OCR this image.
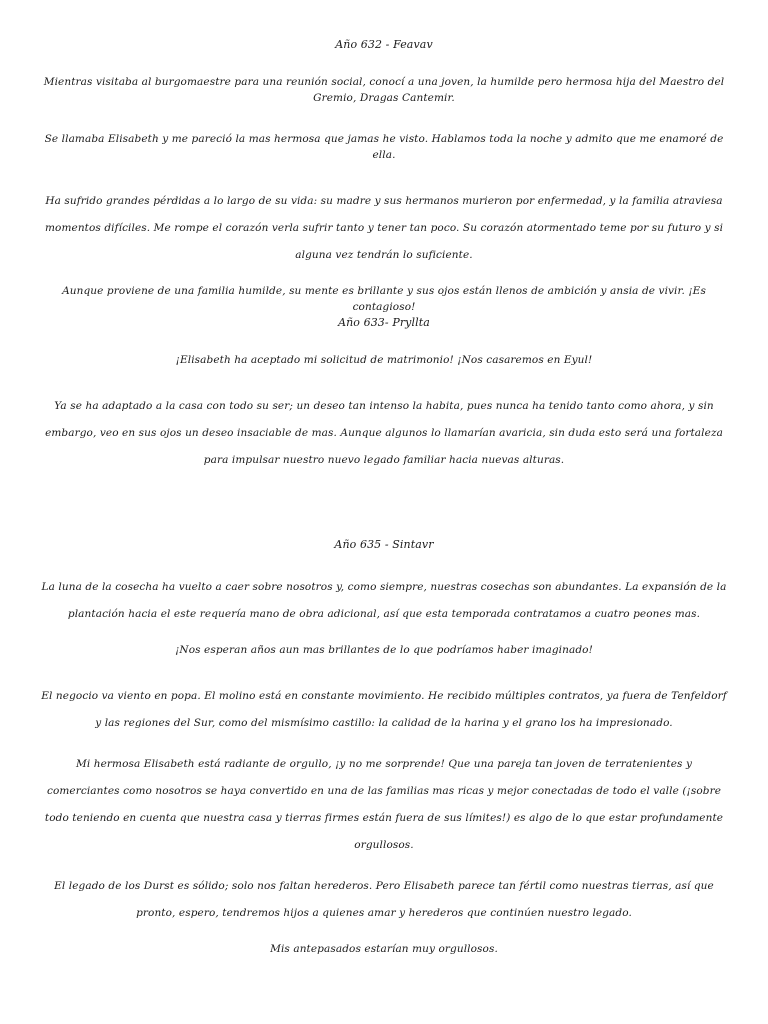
Año 632 - Feavav
Mientras visitaba al burgomaestre para una reunión social, conocí a una joven, la humilde pero hermosa hija del Maestro del Gremio, Dragas Cantemir.
Se llamaba Elisabeth y me pareció la mas hermosa que jamas he visto. Hablamos toda la noche y admito que me enamoré de ella.
Ha sufrido grandes pérdidas a lo largo de su vida: su madre y sus hermanos murieron por enfermedad, y la familia atraviesa momentos difíciles. Me rompe el corazón verla sufrir tanto y tener tan poco. Su corazón atormentado teme por su futuro y si alguna vez tendrán lo suficiente.
Aunque proviene de una familia humilde, su mente es brillante y sus ojos están llenos de ambición y ansia de vivir. ¡Es contagioso!
Año 633- Pryllta
¡Elisabeth ha aceptado mi solicitud de matrimonio! ¡Nos casaremos en Eyul!
Ya se ha adaptado a la casa con todo su ser; un deseo tan intenso la habita, pues nunca ha tenido tanto como ahora, y sin embargo, veo en sus ojos un deseo insaciable de mas. Aunque algunos lo llamarían avaricia, sin duda esto será una fortaleza para impulsar nuestro nuevo legado familiar hacia nuevas alturas.
Año 635 - Sintavr
La luna de la cosecha ha vuelto a caer sobre nosotros y, como siempre, nuestras cosechas son abundantes. La expansión de la plantación hacia el este requería mano de obra adicional, así que esta temporada contratamos a cuatro peones mas.
¡Nos esperan años aun mas brillantes de lo que podríamos haber imaginado!
El negocio va viento en popa. El molino está en constante movimiento. He recibido múltiples contratos, ya fuera de Tenfeldorf y las regiones del Sur, como del mismísimo castillo: la calidad de la harina y el grano los ha impresionado.
Mi hermosa Elisabeth está radiante de orgullo, ¡y no me sorprende! Que una pareja tan joven de terratenientes y comerciantes como nosotros se haya convertido en una de las familias mas ricas y mejor conectadas de todo el valle (¡sobre todo teniendo en cuenta que nuestra casa y tierras firmes están fuera de sus límites!) es algo de lo que estar profundamente orgullosos.
El legado de los Durst es sólido; solo nos faltan herederos. Pero Elisabeth parece tan fértil como nuestras tierras, así que pronto, espero, tendremos hijos a quienes amar y herederos que continúen nuestro legado.
Mis antepasados estarían muy orgullosos.
